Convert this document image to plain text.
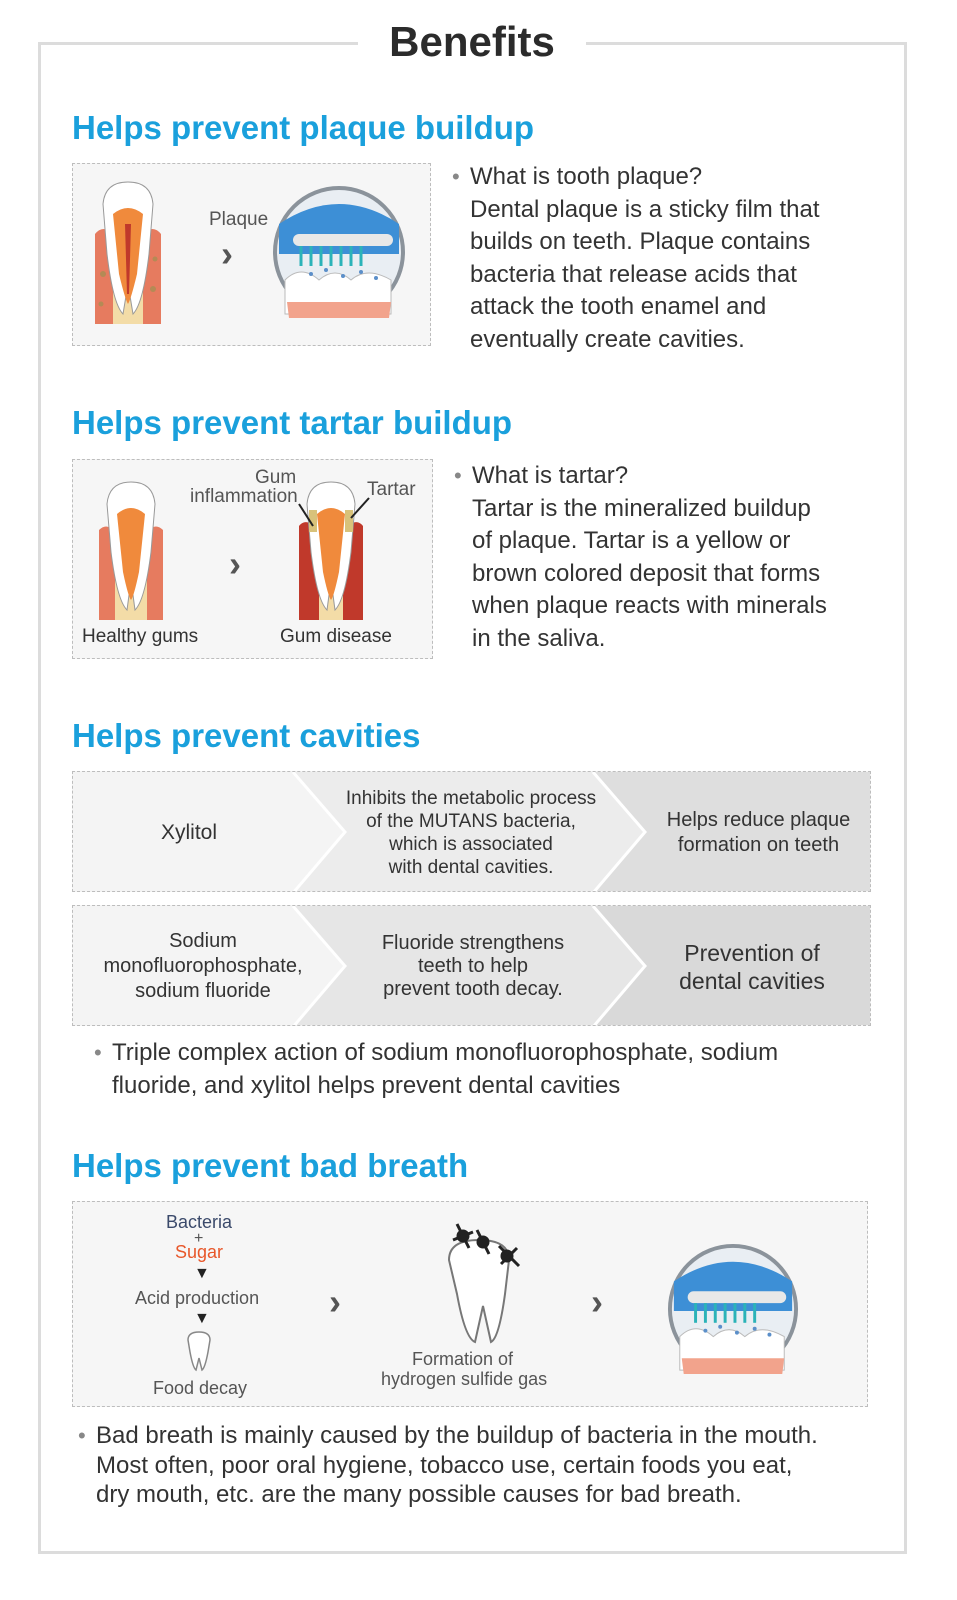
Benefits
Helps prevent plaque buildup
Plaque
›
• What is tooth plaque?
Dental plaque is a sticky film that
builds on teeth. Plaque contains
bacteria that release acids that
attack the tooth enamel and
eventually create cavities.
Helps prevent tartar buildup
Gum
inflammation	Tartar
›
Healthy gums	Gum disease
• What is tartar?
Tartar is the mineralized buildup
of plaque. Tartar is a yellow or
brown colored deposit that forms
when plaque reacts with minerals
in the saliva.
Helps prevent cavities
Xylitol
Inhibits the metabolic process
of the MUTANS bacteria,
which is associated
with dental cavities.
Helps reduce plaque
formation on teeth
Sodium
monofluorophosphate,
sodium fluoride
Fluoride strengthens
teeth to help
prevent tooth decay.
Prevention of
dental cavities
• Triple complex action of sodium monofluorophosphate, sodium
fluoride, and xylitol helps prevent dental cavities
Helps prevent bad breath
Bacteria
+
Sugar
▼
Acid production
▼
Food decay
›
Formation of
hydrogen sulfide gas
›
• Bad breath is mainly caused by the buildup of bacteria in the mouth.
Most often, poor oral hygiene, tobacco use, certain foods you eat,
dry mouth, etc. are the many possible causes for bad breath.
